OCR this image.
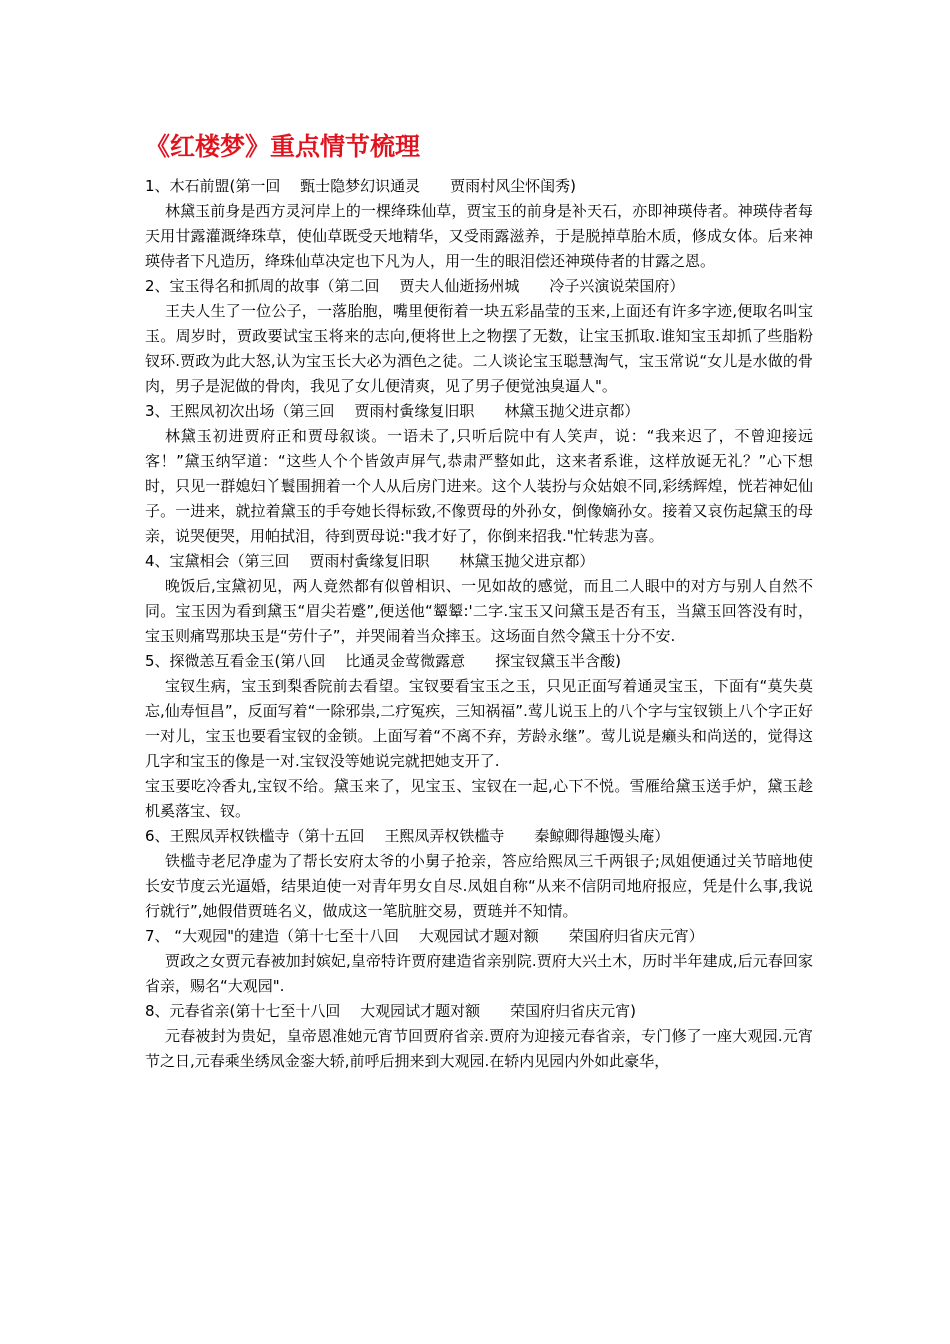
《红楼梦》重点情节梳理
1、木石前盟(第一回　 甄士隐梦幻识通灵　　贾雨村风尘怀闺秀)
林黛玉前身是西方灵河岸上的一棵绛珠仙草，贾宝玉的前身是补天石，亦即神瑛侍者。神瑛侍者每天用甘露灌溉绛珠草，使仙草既受天地精华，又受雨露滋养，于是脱掉草胎木质，修成女体。后来神瑛侍者下凡造历，绛珠仙草决定也下凡为人，用一生的眼泪偿还神瑛侍者的甘露之恩。
2、宝玉得名和抓周的故事（第二回　 贾夫人仙逝扬州城　　冷子兴演说荣国府）
王夫人生了一位公子，一落胎胞，嘴里便衔着一块五彩晶莹的玉来,上面还有许多字迹,便取名叫宝玉。周岁时，贾政要试宝玉将来的志向,便将世上之物摆了无数，让宝玉抓取.谁知宝玉却抓了些脂粉钗环.贾政为此大怒,认为宝玉长大必为酒色之徒。二人谈论宝玉聪慧淘气，宝玉常说“女儿是水做的骨肉，男子是泥做的骨肉，我见了女儿便清爽，见了男子便觉浊臭逼人"。
3、王熙凤初次出场（第三回　 贾雨村夤缘复旧职　　林黛玉抛父进京都）
林黛玉初进贾府正和贾母叙谈。一语未了,只听后院中有人笑声，说：“我来迟了，不曾迎接远客！”黛玉纳罕道：“这些人个个皆敛声屏气,恭肃严整如此，这来者系谁，这样放诞无礼？”心下想时，只见一群媳妇丫鬟围拥着一个人从后房门进来。这个人装扮与众姑娘不同,彩绣辉煌，恍若神妃仙子。一进来，就拉着黛玉的手夸她长得标致,不像贾母的外孙女，倒像嫡孙女。接着又哀伤起黛玉的母亲，说哭便哭，用帕拭泪，待到贾母说:"我才好了，你倒来招我."忙转悲为喜。
4、宝黛相会（第三回　 贾雨村夤缘复旧职　　林黛玉抛父进京都）
晚饭后,宝黛初见，两人竟然都有似曾相识、一见如故的感觉，而且二人眼中的对方与别人自然不同。宝玉因为看到黛玉“眉尖若蹙”,便送他“颦颦:'二字.宝玉又问黛玉是否有玉，当黛玉回答没有时，宝玉则痛骂那块玉是“劳什子”，并哭闹着当众摔玉。这场面自然令黛玉十分不安.
5、探微恙互看金玉(第八回　 比通灵金莺微露意　　探宝钗黛玉半含酸)
宝钗生病，宝玉到梨香院前去看望。宝钗要看宝玉之玉，只见正面写着通灵宝玉，下面有“莫失莫忘,仙寿恒昌”，反面写着“一除邪祟,二疗冤疾，三知祸福”.莺儿说玉上的八个字与宝钗锁上八个字正好一对儿，宝玉也要看宝钗的金锁。上面写着“不离不弃，芳龄永继”。莺儿说是癞头和尚送的，觉得这几字和宝玉的像是一对.宝钗没等她说完就把她支开了.
宝玉要吃冷香丸,宝钗不给。黛玉来了，见宝玉、宝钗在一起,心下不悦。雪雁给黛玉送手炉，黛玉趁机奚落宝、钗。
6、王熙凤弄权铁槛寺（第十五回　 王熙凤弄权铁槛寺　　秦鲸卿得趣馒头庵）
铁槛寺老尼净虚为了帮长安府太爷的小舅子抢亲，答应给熙凤三千两银子;凤姐便通过关节暗地使长安节度云光逼婚，结果迫使一对青年男女自尽.凤姐自称“从来不信阴司地府报应，凭是什么事,我说行就行”,她假借贾琏名义，做成这一笔肮脏交易，贾琏并不知情。
7、 “大观园"的建造（第十七至十八回　 大观园试才题对额　　荣国府归省庆元宵）
贾政之女贾元春被加封嫔妃,皇帝特许贾府建造省亲别院.贾府大兴土木，历时半年建成,后元春回家省亲，赐名“大观园".
8、元春省亲(第十七至十八回　 大观园试才题对额　　荣国府归省庆元宵)
元春被封为贵妃，皇帝恩准她元宵节回贾府省亲.贾府为迎接元春省亲，专门修了一座大观园.元宵节之日,元春乘坐绣凤金銮大轿,前呼后拥来到大观园.在轿内见园内外如此豪华，
